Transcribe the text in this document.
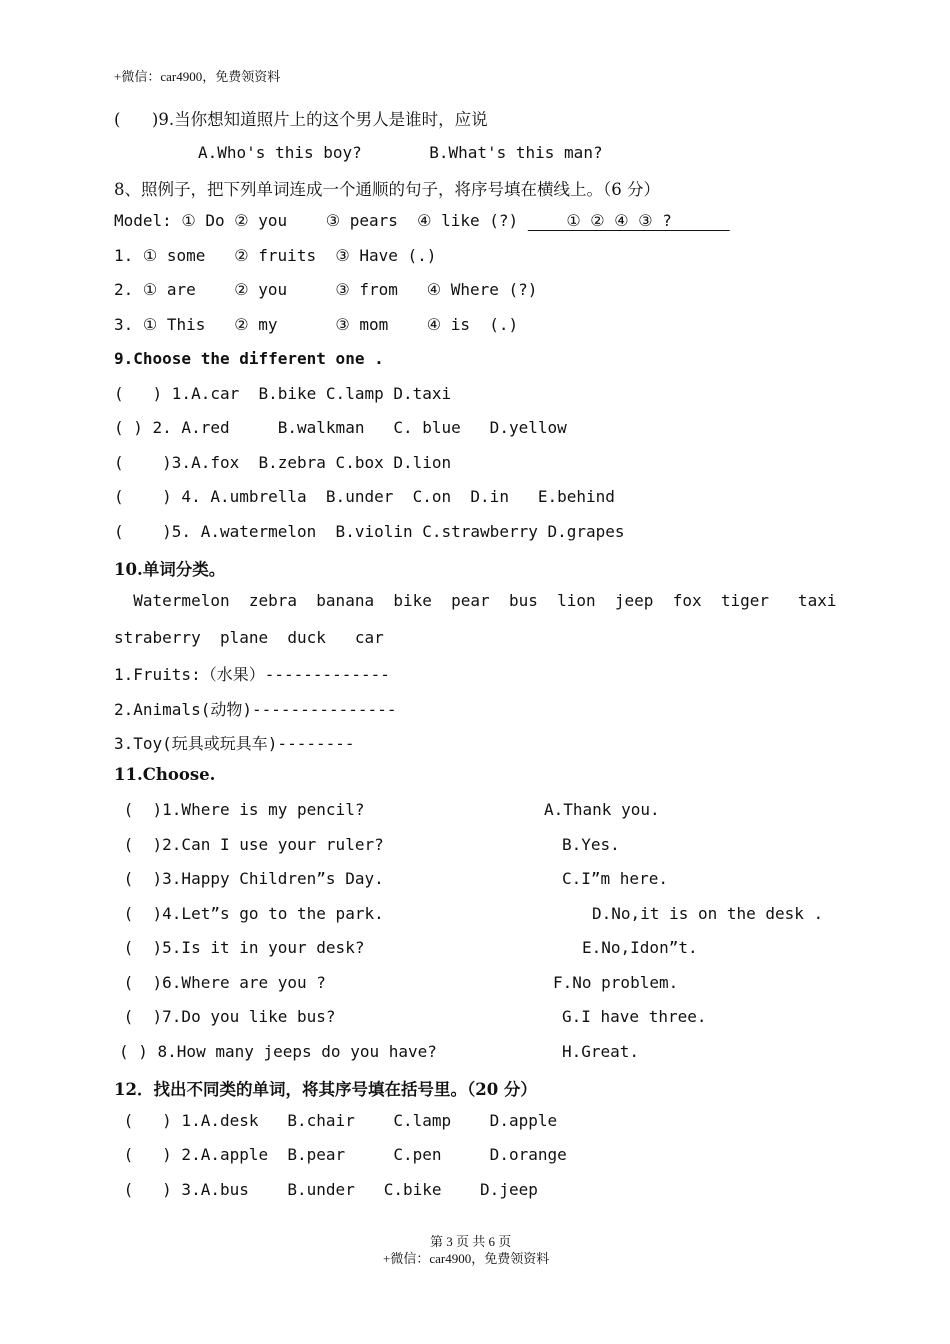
+微信：car4900，免费领资料
(      )9.当你想知道照片上的这个男人是谁时，应说
A.Who's this boy?       B.What's this man?
8、照例子，把下列单词连成一个通顺的句子，将序号填在横线上。（6 分）
Model: ① Do ② you    ③ pears  ④ like (?)     ① ② ④ ③ ?
1. ① some   ② fruits  ③ Have (.)
2. ① are    ② you     ③ from   ④ Where (?)
3. ① This   ② my      ③ mom    ④ is  (.)
9.Choose the different one .
(   ) 1.A.car  B.bike C.lamp D.taxi
( ) 2. A.red     B.walkman   C. blue   D.yellow
(    )3.A.fox  B.zebra C.box D.lion
(    ) 4. A.umbrella  B.under  C.on  D.in   E.behind
(    )5. A.watermelon  B.violin C.strawberry D.grapes
10.单词分类。
Watermelon  zebra  banana  bike  pear  bus  lion  jeep  fox  tiger   taxi
straberry  plane  duck   car
1.Fruits:（水果）-------------
2.Animals(动物)---------------
3.Toy(玩具或玩具车)--------
11.Choose.
(  )1.Where is my pencil?	A.Thank you.
(  )2.Can I use your ruler?	B.Yes.
(  )3.Happy Children”s Day.	C.I”m here.
(  )4.Let”s go to the park.	D.No,it is on the desk .
(  )5.Is it in your desk?	E.No,Idon”t.
(  )6.Where are you ?	F.No problem.
(  )7.Do you like bus?	G.I have three.
( ) 8.How many jeeps do you have?	H.Great.
12．找出不同类的单词，将其序号填在括号里。（20 分）
(   ) 1.A.desk   B.chair    C.lamp    D.apple
(   ) 2.A.apple  B.pear     C.pen     D.orange
(   ) 3.A.bus    B.under   C.bike    D.jeep
第 3 页 共 6 页
+微信：car4900，免费领资料
